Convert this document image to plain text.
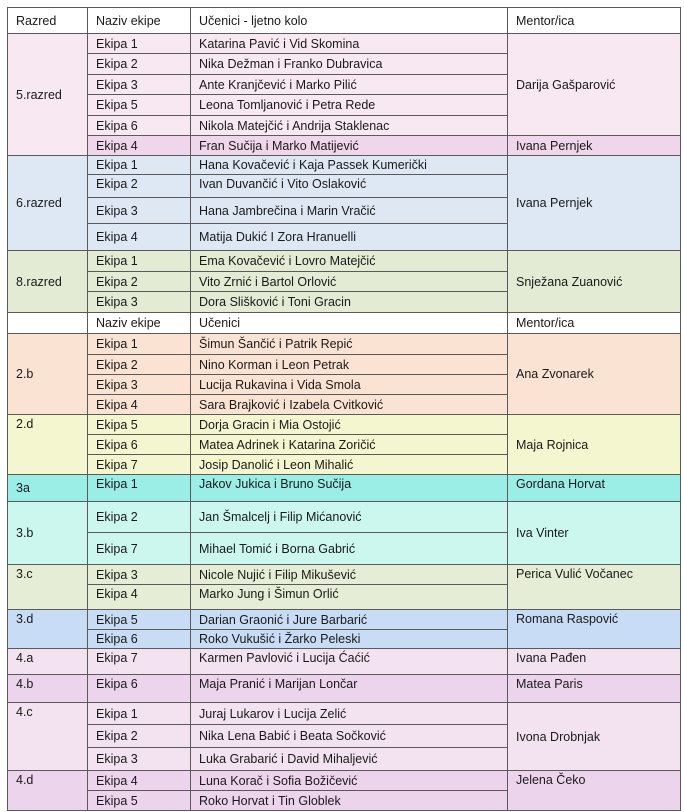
Razred	Naziv ekipe	Učenici - ljetno kolo	Mentor/ica
5.razred	Ekipa 1	Katarina Pavić i Vid Skomina	Darija Gašparović
	Ekipa 2	Nika Dežman i Franko Dubravica	
	Ekipa 3	Ante Kranjčević i Marko Pilić	
	Ekipa 5	Leona Tomljanović i Petra Rede	
	Ekipa 6	Nikola Matejčić i Andrija Staklenac	
	Ekipa 4	Fran Sučija i Marko Matijević	Ivana Pernjek
6.razred	Ekipa 1	Hana Kovačević i Kaja Passek Kumerički	Ivana Pernjek
	Ekipa 2	Ivan Duvančić i Vito Oslaković	
	Ekipa 3	Hana Jambrečina i Marin Vračić	
	Ekipa 4	Matija Dukić I Zora Hranuelli	
8.razred	Ekipa 1	Ema Kovačević i Lovro Matejčić	Snježana Zuanović
	Ekipa 2	Vito Zrnić i Bartol Orlović	
	Ekipa 3	Dora Slišković i Toni Gracin	
	Naziv ekipe	Učenici	Mentor/ica
2.b	Ekipa 1	Šimun Šančić i Patrik Repić	Ana Zvonarek
	Ekipa 2	Nino Korman i Leon Petrak	
	Ekipa 3	Lucija Rukavina i Vida Smola	
	Ekipa 4	Sara Brajković i Izabela Cvitković	
2.d	Ekipa 5	Dorja Gracin i Mia Ostojić	Maja Rojnica
	Ekipa 6	Matea Adrinek i Katarina Zoričić	
	Ekipa 7	Josip Danolić i Leon Mihalić	
3a	Ekipa 1	Jakov Jukica i Bruno Sučija	Gordana Horvat
3.b	Ekipa 2	Jan Šmalcelj i Filip Mićanović	Iva Vinter
	Ekipa 7	Mihael Tomić i Borna Gabrić	
3.c	Ekipa 3	Nicole Nujić i Filip Mikušević	Perica Vulić Vočanec
	Ekipa 4	Marko Jung i Šimun Orlić	
3.d	Ekipa 5	Darian Graonić i Jure Barbarić	Romana Raspović
	Ekipa 6	Roko Vukušić i Žarko Peleski	
4.a	Ekipa 7	Karmen Pavlović i Lucija Ćaćić	Ivana Pađen
4.b	Ekipa 6	Maja Pranić i Marijan Lončar	Matea Paris
4.c	Ekipa 1	Juraj Lukarov i Lucija Zelić	Ivona Drobnjak
	Ekipa 2	Nika Lena Babić i Beata Sočković	
	Ekipa 3	Luka Grabarić i David Mihaljević	
4.d	Ekipa 4	Luna Korač i Sofia Božičević	Jelena Čeko
	Ekipa 5	Roko Horvat i Tin Globlek	
